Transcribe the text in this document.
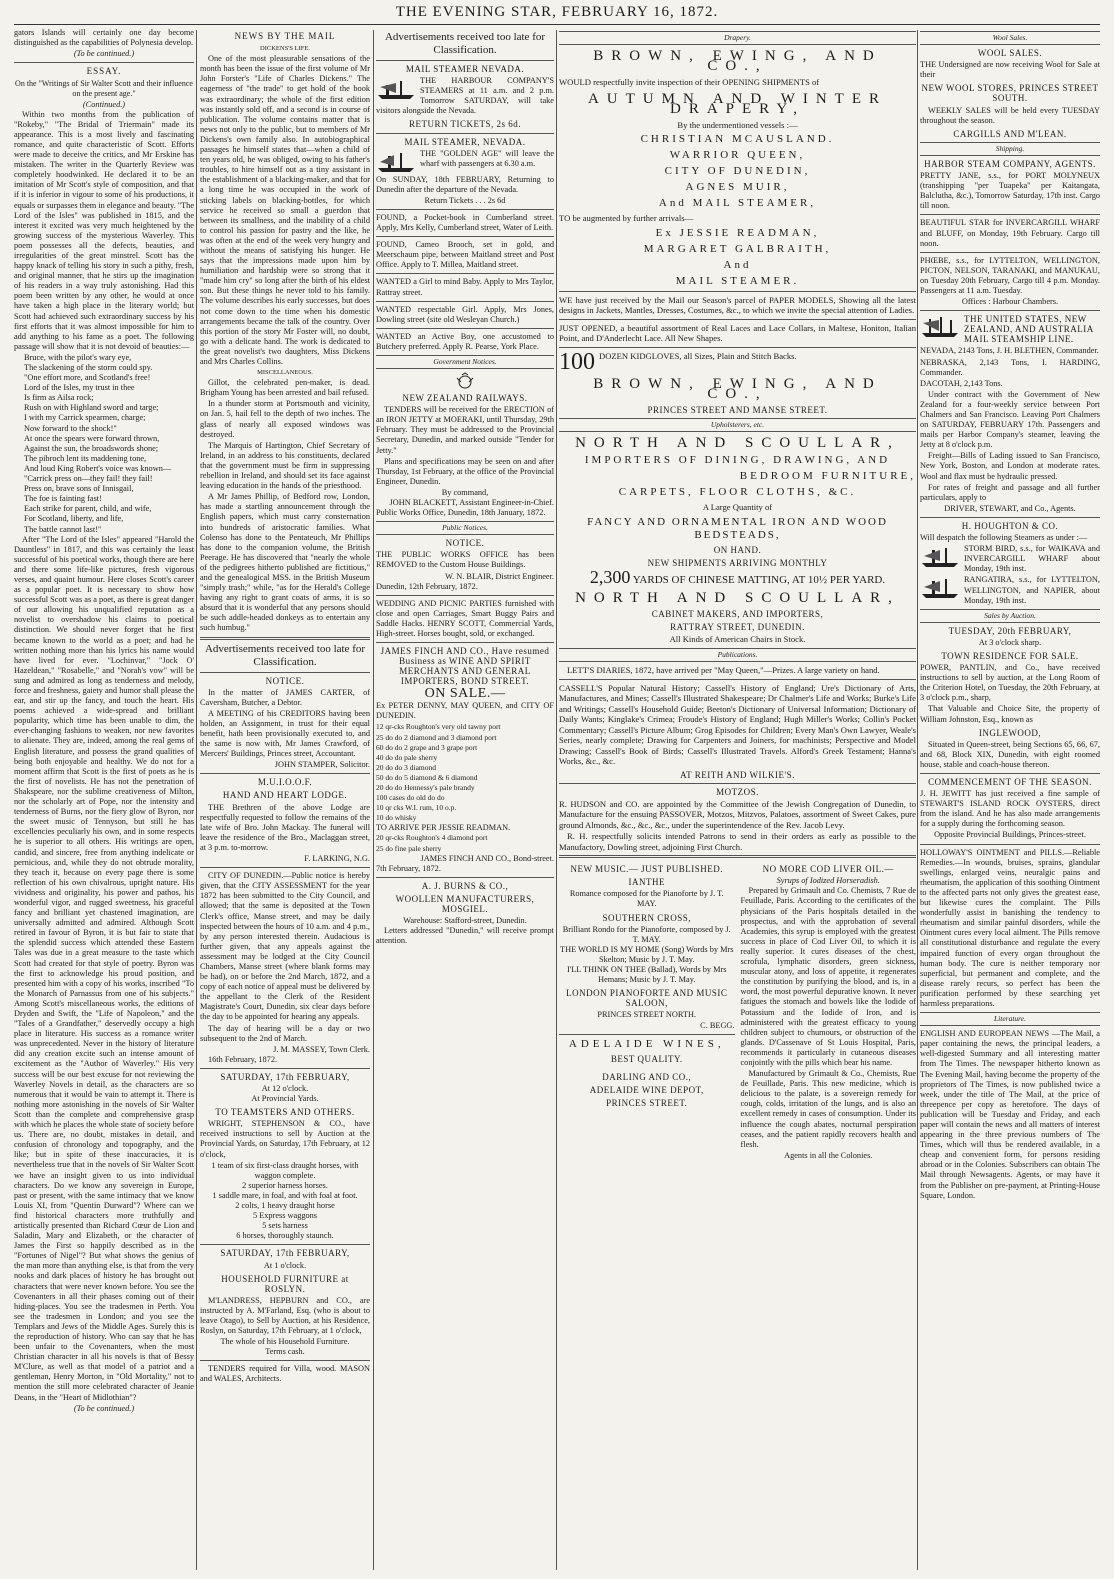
THE EVENING STAR, FEBRUARY 16, 1872.

gators Islands will certainly one day become distinguished as the capabilities of Polynesia develop.

(To be continued.)
ESSAY.
On the "Writings of Sir Walter Scott and their influence on the present age."
(Continued.)

Within two months from the publication of "Rokeby," "The Bridal of Triermain" made its appearance. This is a most lively and fascinating romance, and quite characteristic of Scott. Efforts were made to deceive the critics, and Mr Erskine has mistaken. The writer in the Quarterly Review was completely hoodwinked. He declared it to be an imitation of Mr Scott's style of composition, and that if it is inferior in vigour to some of his productions, it equals or surpasses them in elegance and beauty. "The Lord of the Isles" was published in 1815, and the interest it excited was very much heightened by the growing success of the mysterious Waverley. This poem possesses all the defects, beauties, and irregularities of the great minstrel. Scott has the happy knack of telling his story in such a pithy, fresh, and original manner, that he stirs up the imagination of his readers in a way truly astonishing. Had this poem been written by any other, he would at once have taken a high place in the literary world; but Scott had achieved such extraordinary success by his first efforts that it was almost impossible for him to add anything to his fame as a poet. The following passage will show that it is not devoid of beauties:—

Bruce, with the pilot's wary eye,
The slackening of the storm could spy.
"One effort more, and Scotland's free!
Lord of the Isles, my trust in thee
Is firm as Ailsa rock;
Rush on with Highland sword and targe;
I with my Carrick spearmen, charge;
Now forward to the shock!"
At once the spears were forward thrown,
Against the sun, the broadswords shone;
The pibroch lent its maddening tone,
And loud King Robert's voice was known—
"Carrick press on—they fail! they fail!
Press on, brave sons of Innisgail,
The foe is fainting fast!
Each strike for parent, child, and wife,
For Scotland, liberty, and life,
The battle cannot last!"

After "The Lord of the Isles" appeared "Harold the Dauntless" in 1817, and this was certainly the least successful of his poetical works, though there are here and there some life-like pictures, fresh vigorous verses, and quaint humour. Here closes Scott's career as a popular poet. It is necessary to show how successful Scott was as a poet, as there is great danger of our allowing his unqualified reputation as a novelist to overshadow his claims to poetical distinction. We should never forget that he first became known to the world as a poet; and had he written nothing more than his lyrics his name would have lived for ever. "Lochinvar," "Jock O' Hazeldean," "Rosabelle," and "Norah's vow" will be sung and admired as long as tenderness and melody, force and freshness, gaiety and humor shall please the ear, and stir up the fancy, and touch the heart. His poems achieved a wide-spread and brilliant popularity, which time has been unable to dim, the ever-changing fashions to weaken, nor new favorites to alienate. They are, indeed, among the real gems of English literature, and possess the grand qualities of being both enjoyable and healthy. We do not for a moment affirm that Scott is the first of poets as he is the first of novelists. He has not the penetration of Shakspeare, nor the sublime creativeness of Milton, nor the scholarly art of Pope, nor the intensity and tenderness of Burns, nor the fiery glow of Byron, nor the sweet music of Tennyson, but still he has excellencies peculiarly his own, and in some respects he is superior to all others. His writings are open, candid, and sincere, free from anything indelicate or pernicious, and, while they do not obtrude morality, they teach it, because on every page there is some reflection of his own chivalrous, upright nature. His vividness and originality, his power and pathos, his wonderful vigor, and rugged sweetness, his graceful fancy and brilliant yet chastened imagination, are universally admitted and admired. Although Scott retired in favour of Byron, it is but fair to state that the splendid success which attended these Eastern Tales was due in a great measure to the taste which Scott had created for that style of poetry. Byron was the first to acknowledge his proud position, and presented him with a copy of his works, inscribed "To the Monarch of Parnassus from one of his subjects." Among Scott's miscellaneous works, the editions of Dryden and Swift, the "Life of Napoleon," and the "Tales of a Grandfather," deservedly occupy a high place in literature. His success as a romance writer was unprecedented. Never in the history of literature did any creation excite such an intense amount of excitement as the "Author of Waverley." His very success will be our best excuse for not reviewing the Waverley Novels in detail, as the characters are so numerous that it would be vain to attempt it. There is nothing more astonishing in the novels of Sir Walter Scott than the complete and comprehensive grasp with which he places the whole state of society before us. There are, no doubt, mistakes in detail, and confusion of chronology and topography, and the like; but in spite of these inaccuracies, it is nevertheless true that in the novels of Sir Walter Scott we have an insight given to us into individual characters. Do we know any sovereign in Europe, past or present, with the same intimacy that we know Louis XI, from "Quentin Durward"? Where can we find historical characters more truthfully and artistically presented than Richard Cœur de Lion and Saladin, Mary and Elizabeth, or the character of James the First so happily described as in the "Fortunes of Nigel"? But what shows the genius of the man more than anything else, is that from the very nooks and dark places of history he has brought out characters that were never known before. You see the Covenanters in all their phases coming out of their hiding-places. You see the tradesmen in Perth. You see the tradesmen in London; and you see the Templars and Jews of the Middle Ages. Surely this is the reproduction of history. Who can say that he has been unfair to the Covenanters, when the most Christian character in all his novels is that of Bessy M'Clure, as well as that model of a patriot and a gentleman, Henry Morton, in "Old Mortality," not to mention the still more celebrated character of Jeanie Deans, in the "Heart of Midlothian"?

(To be continued.)
NEWS BY THE MAIL
DICKENS'S LIFE.

One of the most pleasurable sensations of the month has been the issue of the first volume of Mr John Forster's "Life of Charles Dickens." The eagerness of "the trade" to get hold of the book was extraordinary; the whole of the first edition was instantly sold off, and a second is in course of publication. The volume contains matter that is news not only to the public, but to members of Mr Dickens's own family also. In autobiographical passages he himself states that—when a child of ten years old, he was obliged, owing to his father's troubles, to hire himself out as a tiny assistant in the establishment of a blacking-maker, and that for a long time he was occupied in the work of sticking labels on blacking-bottles, for which service he received so small a guerdon that between its smallness, and the inability of a child to control his passion for pastry and the like, he was often at the end of the week very hungry and without the means of satisfying his hunger. He says that the impressions made upon him by humiliation and hardship were so strong that it "made him cry" so long after the birth of his eldest son. But these things he never told to his family. The volume describes his early successes, but does not come down to the time when his domestic arrangements became the talk of the country. Over this portion of the story Mr Foster will, no doubt, go with a delicate hand. The work is dedicated to the great novelist's two daughters, Miss Dickens and Mrs Charles Collins.

MISCELLANEOUS.

Gillot, the celebrated pen-maker, is dead. Brigham Young has been arrested and bail refused.

In a thunder storm at Portsmouth and vicinity, on Jan. 5, hail fell to the depth of two inches. The glass of nearly all exposed windows was destroyed.

The Marquis of Hartington, Chief Secretary of Ireland, in an address to his constituents, declared that the government must be firm in suppressing rebellion in Ireland, and should set its face against leaving education in the hands of the priesthood.

A Mr James Phillip, of Bedford row, London, has made a startling announcement through the English papers, which must carry consternation into hundreds of aristocratic families. What Colenso has done to the Pentateuch, Mr Phillips has done to the companion volume, the British Peerage. He has discovered that "nearly the whole of the pedigrees hitherto published are fictitious," and the genealogical MSS. in the British Museum "simply trash;" while, "as for the Herald's College having any right to grant coats of arms, it is so absurd that it is wonderful that any persons should be such addle-headed donkeys as to entertain any such humbug."

Advertisements received too late for Classification.
NOTICE.

In the matter of JAMES CARTER, of Caversham, Butcher, a Debtor.

A MEETING of his CREDITORS having been holden, an Assignment, in trust for their equal benefit, hath been provisionally executed to, and the same is now with, Mr James Crawford, of Mercers' Buildings, Princes street, Accountant.

JOHN STAMPER, Solicitor.
M.U.I.O.O.F.
HAND AND HEART LODGE.

THE Brethren of the above Lodge are respectfully requested to follow the remains of the late wife of Bro. John Mackay. The funeral will leave the residence of the Bro., Maclaggan street, at 3 p.m. to-morrow.

F. LARKING, N.G.

CITY OF DUNEDIN.—Public notice is hereby given, that the CITY ASSESSMENT for the year 1872 has been submitted to the City Council, and allowed; that the same is deposited at the Town Clerk's office, Manse street, and may be daily inspected between the hours of 10 a.m. and 4 p.m., by any person interested therein. Audacious is further given, that any appeals against the assessment may be lodged at the City Council Chambers, Manse street (where blank forms may be had), on or before the 2nd March, 1872, and a copy of each notice of appeal must be delivered by the appellant to the Clerk of the Resident Magistrate's Court, Dunedin, six clear days before the day to be appointed for hearing any appeals.

The day of hearing will be a day or two subsequent to the 2nd of March.

J. M. MASSEY, Town Clerk.

16th February, 1872.

SATURDAY, 17th FEBRUARY,
At 12 o'clock.
At Provincial Yards.
TO TEAMSTERS AND OTHERS.

WRIGHT, STEPHENSON & CO., have received instructions to sell by Auction at the Provincial Yards, on Saturday, 17th February, at 12 o'clock,

1 team of six first-class draught horses, with waggon complete.
2 superior harness horses.
1 saddle mare, in foal, and with foal at foot.
2 colts, 1 heavy draught horse
5 Express waggons
5 sets harness
6 horses, thoroughly staunch.
SATURDAY, 17th FEBRUARY,
At 1 o'clock.
HOUSEHOLD FURNITURE at ROSLYN.

M'LANDRESS, HEPBURN and CO., are instructed by A. M'Farland, Esq. (who is about to leave Otago), to Sell by Auction, at his Residence, Roslyn, on Saturday, 17th February, at 1 o'clock,

The whole of his Household Furniture.
Terms cash.

TENDERS required for Villa, wood. MASON and WALES, Architects.

Advertisements received too late for Classification.
MAIL STEAMER NEVADA.

THE HARBOUR COMPANY'S STEAMERS at 11 a.m. and 2 p.m. Tomorrow SATURDAY, will take visitors alongside the Nevada.

RETURN TICKETS, 2s 6d.
MAIL STEAMER, NEVADA.

THE "GOLDEN AGE" will leave the wharf with passengers at 6.30 a.m.

On SUNDAY, 18th FEBRUARY, Returning to Dunedin after the departure of the Nevada.

Return Tickets . . . 2s 6d

FOUND, a Pocket-book in Cumberland street. Apply, Mrs Kelly, Cumberland street, Water of Leith.

FOUND, Cameo Brooch, set in gold, and Meerschaum pipe, between Maitland street and Post Office. Apply to T. Millea, Maitland street.

WANTED a Girl to mind Baby. Apply to Mrs Taylor, Rattray street.

WANTED respectable Girl. Apply, Mrs Jones, Dowling street (site old Wesleyan Church.)

WANTED an Active Boy, one accustomed to Butchery preferred. Apply R. Pearse, York Place.

Government Notices.
NEW ZEALAND RAILWAYS.

TENDERS will be received for the ERECTION of an IRON JETTY at MOERAKI, until Thursday, 29th February. They must be addressed to the Provincial Secretary, Dunedin, and marked outside "Tender for Jetty."

Plans and specifications may be seen on and after Thursday, 1st February, at the office of the Provincial Engineer, Dunedin.

By command,
JOHN BLACKETT, Assistant Engineer-in-Chief.

Public Works Office, Dunedin, 18th January, 1872.

Public Notices.
NOTICE.

THE PUBLIC WORKS OFFICE has been REMOVED to the Custom House Buildings.

W. N. BLAIR, District Engineer.

Dunedin, 12th February, 1872.

WEDDING AND PICNIC PARTIES furnished with close and open Carriages, Smart Buggy Pairs and Saddle Hacks. HENRY SCOTT, Commercial Yards, High-street. Horses bought, sold, or exchanged.

JAMES FINCH AND CO., Have resumed Business as WINE AND SPIRIT MERCHANTS AND GENERAL IMPORTERS, BOND STREET.
ON SALE.—

Ex PETER DENNY, MAY QUEEN, and CITY OF DUNEDIN.

12 qr-cks Roughton's very old tawny port
25 do do 2 diamond and 3 diamond port
60 do do 2 grape and 3 grape port
40 do do pale sherry
20 do do 3 diamond
50 do do 5 diamond & 6 diamond
20 do do Hennessy's pale brandy
100 cases do old do do
10 qr cks W.I. rum, 10 o.p.
10 do whisky
TO ARRIVE PER JESSIE READMAN.
20 qr-cks Roughton's 4 diamond port
25 do fine pale sherry
JAMES FINCH AND CO., Bond-street.

7th February, 1872.

A. J. BURNS & CO.,
WOOLLEN MANUFACTURERS, MOSGIEL.
Warehouse: Stafford-street, Dunedin.

Letters addressed "Dunedin," will receive prompt attention.

Drapery.
BROWN, EWING, AND CO.,

WOULD respectfully invite inspection of their OPENING SHIPMENTS of

AUTUMN AND WINTER DRAPERY,
By the undermentioned vessels :—
CHRISTIAN MCAUSLAND.
WARRIOR QUEEN,
CITY OF DUNEDIN,
AGNES MUIR,
And MAIL STEAMER,

TO be augmented by further arrivals—

Ex JESSIE READMAN,
MARGARET GALBRAITH,
And
MAIL STEAMER.

WE have just received by the Mail our Season's parcel of PAPER MODELS, Showing all the latest designs in Jackets, Mantles, Dresses, Costumes, &c., to which we invite the special attention of Ladies.

JUST OPENED, a beautiful assortment of Real Laces and Lace Collars, in Maltese, Honiton, Italian Point, and D'Anderlecht Lace. All New Shapes.

100 DOZEN KIDGLOVES, all Sizes, Plain and Stitch Backs.
BROWN, EWING, AND CO.,
PRINCES STREET AND MANSE STREET.
Upholsterers, etc.
NORTH AND SCOULLAR,
IMPORTERS OF DINING, DRAWING, AND
BEDROOM FURNITURE,
CARPETS, FLOOR CLOTHS, &C.
A Large Quantity of
FANCY AND ORNAMENTAL IRON AND WOOD BEDSTEADS,
ON HAND.
NEW SHIPMENTS ARRIVING MONTHLY
2,300 YARDS OF CHINESE MATTING, AT 10½ PER YARD.
NORTH AND SCOULLAR,
CABINET MAKERS, AND IMPORTERS,
RATTRAY STREET, DUNEDIN.
All Kinds of American Chairs in Stock.
Publications.

LETT'S DIARIES, 1872, have arrived per "May Queen,"—Prizes. A large variety on hand.

CASSELL'S Popular Natural History; Cassell's History of England; Ure's Dictionary of Arts, Manufactures, and Mines; Cassell's Illustrated Shakespeare; Dr Chalmer's Life and Works; Burke's Life and Writings; Cassell's Household Guide; Beeton's Dictionary of Universal Information; Dictionary of Daily Wants; Kinglake's Crimea; Froude's History of England; Hugh Miller's Works; Collin's Pocket Commentary; Cassell's Picture Album; Grog Episodes for Children; Every Man's Own Lawyer, Weale's Series, nearly complete; Drawing for Carpenters and Joiners, for machinists; Perspective and Model Drawing; Cassell's Book of Birds; Cassell's Illustrated Travels. Alford's Greek Testament; Hanna's Works, &c., &c.

AT REITH AND WILKIE'S.
MOTZOS.

R. HUDSON and CO. are appointed by the Committee of the Jewish Congregation of Dunedin, to Manufacture for the ensuing PASSOVER, Motzos, Mitzvos, Palatoes, assortment of Sweet Cakes, pure ground Almonds, &c., &c., &c., under the superintendence of the Rev. Jacob Levy.

R. H. respectfully solicits intended Patrons to send in their orders as early as possible to the Manufactory, Dowling street, adjoining First Church.

NEW MUSIC.— JUST PUBLISHED.
IANTHE
Romance composed for the Pianoforte by J. T. MAY.
SOUTHERN CROSS,
Brilliant Rondo for the Pianoforte, composed by J. T. MAY.
THE WORLD IS MY HOME (Song) Words by Mrs Skelton; Music by J. T. May.
I'LL THINK ON THEE (Ballad), Words by Mrs Hemans; Music by J. T. May.
LONDON PIANOFORTE AND MUSIC SALOON,
PRINCES STREET NORTH.
C. BEGG.
ADELAIDE WINES,
BEST QUALITY.
DARLING AND CO.,
ADELAIDE WINE DEPOT,
PRINCES STREET.
NO MORE COD LIVER OIL.—
Syrups of Iodized Horseradish.

Prepared by Grimault and Co. Chemists, 7 Rue de Feuillade, Paris. According to the certificates of the physicians of the Paris hospitals detailed in the prospectus, and with the approbation of several Academies, this syrup is employed with the greatest success in place of Cod Liver Oil, to which it is really superior. It cures diseases of the chest, scrofula, lymphatic disorders, green sickness, muscular atony, and loss of appetite, it regenerates the constitution by purifying the blood, and is, in a word, the most powerful depurative known. It never fatigues the stomach and bowels like the Iodide of Potassium and the Iodide of Iron, and is administered with the greatest efficacy to young children subject to chumours, or obstruction of the glands. D'Cassenave of St Louis Hospital, Paris, recommends it particularly in cutaneous diseases conjointly with the pills which bear his name.

Manufactured by Grimault & Co., Chemists, Rue de Feuillade, Paris. This new medicine, which is delicious to the palate, is a sovereign remedy for cough, colds, irritation of the lungs, and is also an excellent remedy in cases of consumption. Under its influence the cough abates, nocturnal perspiration ceases, and the patient rapidly recovers health and flesh.

Agents in all the Colonies.
Wool Sales.
WOOL SALES.

THE Undersigned are now receiving Wool for Sale at their

NEW WOOL STORES, PRINCES STREET SOUTH.

WEEKLY SALES will be held every TUESDAY throughout the season.

CARGILLS AND M'LEAN.
Shipping.
HARBOR STEAM COMPANY, AGENTS.

PRETTY JANE, s.s., for PORT MOLYNEUX (transhipping "per Tuapeka" per Kaitangata, Balclutha, &c.), Tomorrow Saturday, 17th inst. Cargo till noon.

BEAUTIFUL STAR for INVERCARGILL WHARF and BLUFF, on Monday, 19th February. Cargo till noon.

PHŒBE, s.s., for LYTTELTON, WELLINGTON, PICTON, NELSON, TARANAKI, and MANUKAU, on Tuesday 20th February, Cargo till 4 p.m. Monday. Passengers at 11 a.m. Tuesday.

Offices : Harbour Chambers.
THE UNITED STATES, NEW ZEALAND, AND AUSTRALIA MAIL STEAMSHIP LINE.

NEVADA, 2143 Tons, J. H. BLETHEN, Commander.

NEBRASKA, 2,143 Tons, I. HARDING, Commander.

DACOTAH, 2,143 Tons.

Under contract with the Government of New Zealand for a four-weekly service between Port Chalmers and San Francisco. Leaving Port Chalmers on SATURDAY, FEBRUARY 17th. Passengers and mails per Harbor Company's steamer, leaving the Jetty at 8 o'clock p.m.

Freight—Bills of Lading issued to San Francisco, New York, Boston, and London at moderate rates. Wool and flax must be hydraulic pressed.

For rates of freight and passage and all further particulars, apply to

DRIVER, STEWART, and Co., Agents.
H. HOUGHTON & CO.

Will despatch the following Steamers as under :—

STORM BIRD, s.s., for WAIKAVA and INVERCARGILL WHARF about Monday, 19th inst.

RANGATIRA, s.s., for LYTTELTON, WELLINGTON, and NAPIER, about Monday, 19th inst.

Sales by Auction.
TUESDAY, 20th FEBRUARY,
At 3 o'clock sharp.
TOWN RESIDENCE FOR SALE.

POWER, PANTLIN, and Co., have received instructions to sell by auction, at the Long Room of the Criterion Hotel, on Tuesday, the 20th February, at 3 o'clock p.m., sharp,

That Valuable and Choice Site, the property of William Johnston, Esq., known as

INGLEWOOD,

Situated in Queen-street, being Sections 65, 66, 67, and 68, Block XIX, Dunedin, with eight roomed house, stable and coach-house thereon.

COMMENCEMENT OF THE SEASON.

J. H. JEWITT has just received a fine sample of STEWART'S ISLAND ROCK OYSTERS, direct from the island. And he has also made arrangements for a supply during the forthcoming season.

Opposite Provincial Buildings, Princes-street.

HOLLOWAY'S OINTMENT and PILLS.—Reliable Remedies.—In wounds, bruises, sprains, glandular swellings, enlarged veins, neuralgic pains and rheumatism, the application of this soothing Ointment to the affected parts not only gives the greatest ease, but likewise cures the complaint. The Pills wonderfully assist in banishing the tendency to rheumatism and similar painful disorders, while the Ointment cures every local ailment. The Pills remove all constitutional disturbance and regulate the every impaired function of every organ throughout the human body. The cure is neither temporary nor superficial, but permanent and complete, and the disease rarely recurs, so perfect has been the purification performed by these searching yet harmless preparations.

Literature.

ENGLISH AND EUROPEAN NEWS —The Mail, a paper containing the news, the principal leaders, a well-digested Summary and all interesting matter from The Times. The newspaper hitherto known as The Evening Mail, having become the property of the proprietors of The Times, is now published twice a week, under the title of The Mail, at the price of threepence per copy as heretofore. The days of publication will be Tuesday and Friday, and each paper will contain the news and all matters of interest appearing in the three previous numbers of The Times, which will thus be rendered available, in a cheap and convenient form, for persons residing abroad or in the Colonies. Subscribers can obtain The Mail through Newsagents. Agents, or may have it from the Publisher on pre-payment, at Printing-House Square, London.
